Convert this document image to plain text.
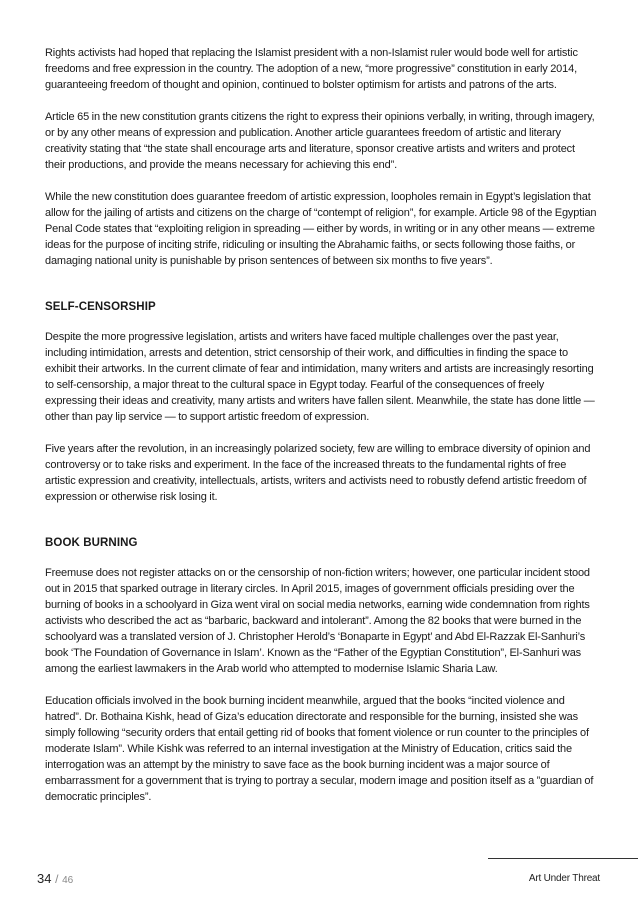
Rights activists had hoped that replacing the Islamist president with a non-Islamist ruler would bode well for artistic freedoms and free expression in the country. The adoption of a new, “more progressive” constitution in early 2014, guaranteeing freedom of thought and opinion, continued to bolster optimism for artists and patrons of the arts.

Article 65 in the new constitution grants citizens the right to express their opinions verbally, in writing, through imagery, or by any other means of expression and publication. Another article guarantees freedom of artistic and literary creativity stating that “the state shall encourage arts and literature, sponsor creative artists and writers and protect their productions, and provide the means necessary for achieving this end”.

While the new constitution does guarantee freedom of artistic expression, loopholes remain in Egypt’s legislation that allow for the jailing of artists and citizens on the charge of “contempt of religion”, for example. Article 98 of the Egyptian Penal Code states that “exploiting religion in spreading — either by words, in writing or in any other means — extreme ideas for the purpose of inciting strife, ridiculing or insulting the Abrahamic faiths, or sects following those faiths, or damaging national unity is punishable by prison sentences of between six months to five years”.

SELF-CENSORSHIP

Despite the more progressive legislation, artists and writers have faced multiple challenges over the past year, including intimidation, arrests and detention, strict censorship of their work, and difficulties in finding the space to exhibit their artworks. In the current climate of fear and intimidation, many writers and artists are increasingly resorting to self-censorship, a major threat to the cultural space in Egypt today. Fearful of the consequences of freely expressing their ideas and creativity, many artists and writers have fallen silent. Meanwhile, the state has done little — other than pay lip service — to support artistic freedom of expression.

Five years after the revolution, in an increasingly polarized society, few are willing to embrace diversity of opinion and controversy or to take risks and experiment. In the face of the increased threats to the fundamental rights of free artistic expression and creativity, intellectuals, artists, writers and activists need to robustly defend artistic freedom of expression or otherwise risk losing it.

BOOK BURNING

Freemuse does not register attacks on or the censorship of non-fiction writers; however, one particular incident stood out in 2015 that sparked outrage in literary circles. In April 2015, images of government officials presiding over the burning of books in a schoolyard in Giza went viral on social media networks, earning wide condemnation from rights activists who described the act as “barbaric, backward and intolerant”. Among the 82 books that were burned in the schoolyard was a translated version of J. Christopher Herold’s ‘Bonaparte in Egypt’ and Abd El-Razzak El-Sanhuri’s book ‘The Foundation of Governance in Islam’. Known as the “Father of the Egyptian Constitution”, El-Sanhuri was among the earliest lawmakers in the Arab world who attempted to modernise Islamic Sharia Law.

Education officials involved in the book burning incident meanwhile, argued that the books “incited violence and hatred”. Dr. Bothaina Kishk, head of Giza’s education directorate and responsible for the burning, insisted she was simply following “security orders that entail getting rid of books that foment violence or run counter to the principles of moderate Islam”. While Kishk was referred to an internal investigation at the Ministry of Education, critics said the interrogation was an attempt by the ministry to save face as the book burning incident was a major source of embarrassment for a government that is trying to portray a secular, modern image and position itself as a ”guardian of democratic principles”.

34 / 46	Art Under Threat
